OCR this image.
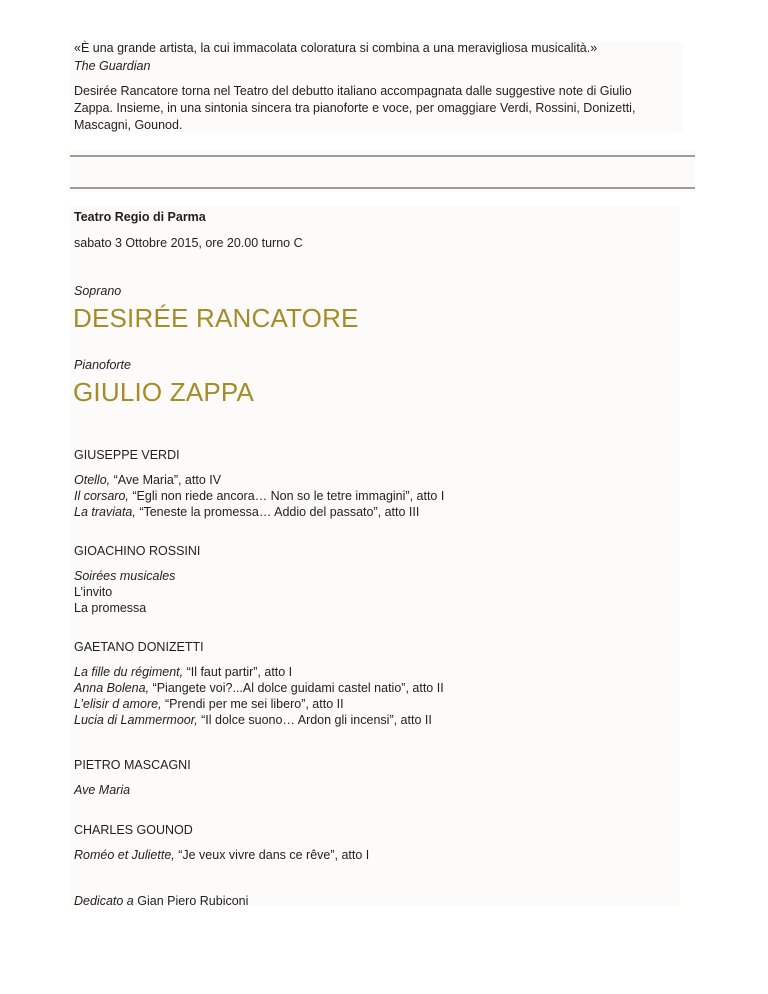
«È una grande artista, la cui immacolata coloratura si combina a una meravigliosa musicalità.»
The Guardian
Desirée Rancatore torna nel Teatro del debutto italiano accompagnata dalle suggestive note di Giulio
Zappa. Insieme, in una sintonia sincera tra pianoforte e voce, per omaggiare Verdi, Rossini, Donizetti,
Mascagni, Gounod.
Teatro Regio di Parma
sabato 3 Ottobre 2015, ore 20.00 turno C
Soprano
DESIRÉE RANCATORE
Pianoforte
GIULIO ZAPPA
GIUSEPPE VERDI
Otello, “Ave Maria”, atto IV
Il corsaro, “Egli non riede ancora… Non so le tetre immagini”, atto I
La traviata, “Teneste la promessa… Addio del passato”, atto III
GIOACHINO ROSSINI
Soirées musicales
L’invito
La promessa
GAETANO DONIZETTI
La fille du régiment, “Il faut partir”, atto I
Anna Bolena, “Piangete voi?...Al dolce guidami castel natio”, atto II
L’elisir d amore, “Prendi per me sei libero”, atto II
Lucia di Lammermoor, “Il dolce suono… Ardon gli incensi”, atto II
PIETRO MASCAGNI
Ave Maria
CHARLES GOUNOD
Roméo et Juliette, “Je veux vivre dans ce rêve”, atto I
Dedicato a Gian Piero Rubiconi
